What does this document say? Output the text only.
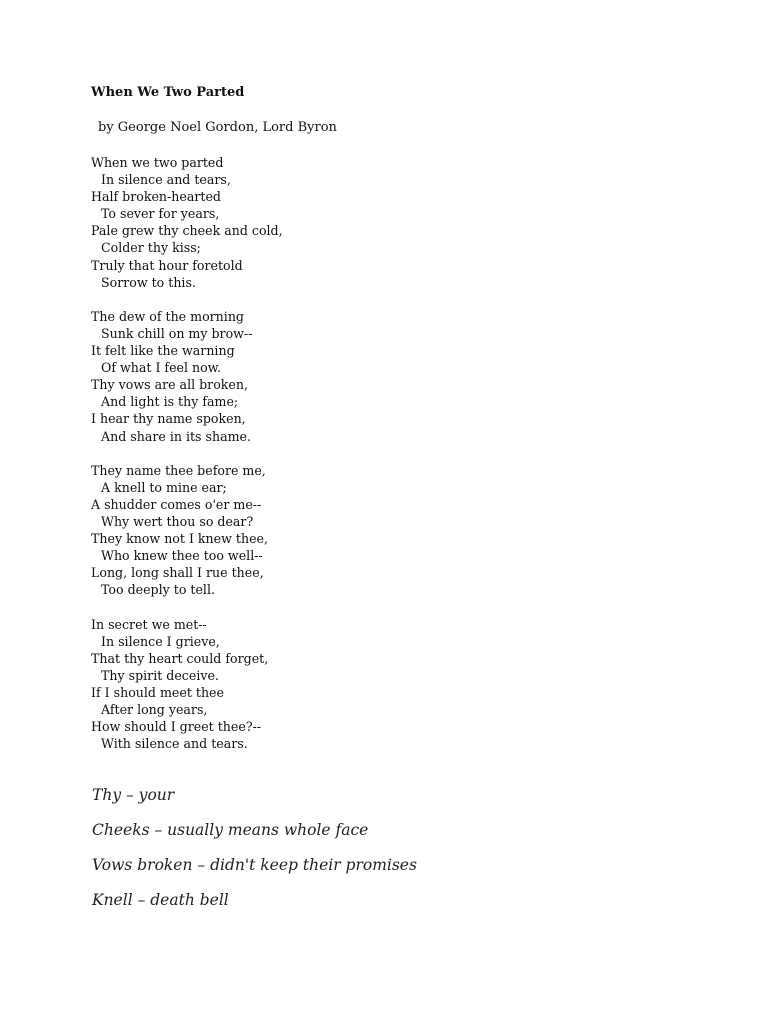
When We Two Parted
by George Noel Gordon, Lord Byron
When we two parted
In silence and tears,
Half broken-hearted
To sever for years,
Pale grew thy cheek and cold,
Colder thy kiss;
Truly that hour foretold
Sorrow to this.
The dew of the morning
Sunk chill on my brow--
It felt like the warning
Of what I feel now.
Thy vows are all broken,
And light is thy fame;
I hear thy name spoken,
And share in its shame.
They name thee before me,
A knell to mine ear;
A shudder comes o'er me--
Why wert thou so dear?
They know not I knew thee,
Who knew thee too well--
Long, long shall I rue thee,
Too deeply to tell.
In secret we met--
In silence I grieve,
That thy heart could forget,
Thy spirit deceive.
If I should meet thee
After long years,
How should I greet thee?--
With silence and tears.
Thy – your
Cheeks – usually means whole face
Vows broken – didn't keep their promises
Knell – death bell
